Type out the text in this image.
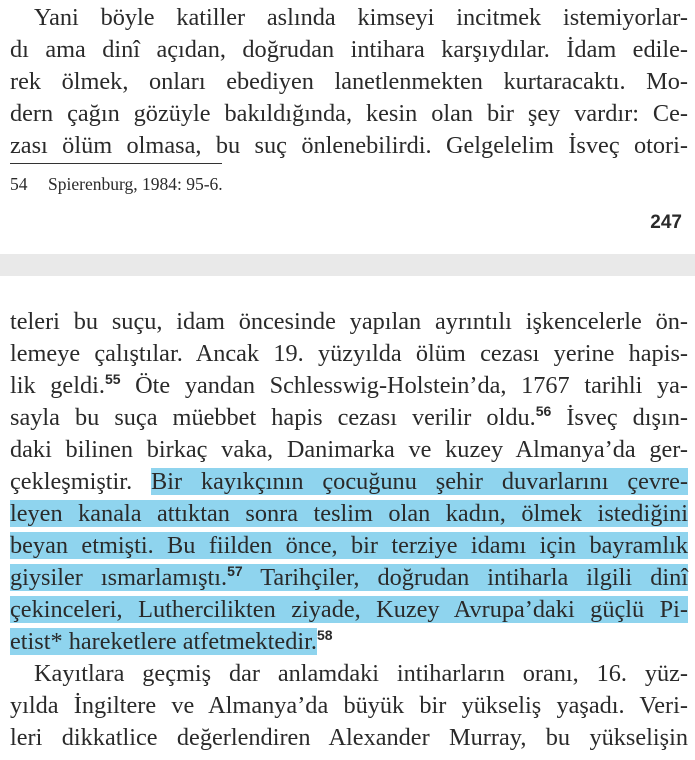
Yani böyle katiller aslında kimseyi incitmek istemiyorlar-
dı ama dinî açıdan, doğrudan intihara karşıydılar. İdam edile-
rek ölmek, onları ebediyen lanetlenmekten kurtaracaktı. Mo-
dern çağın gözüyle bakıldığında, kesin olan bir şey vardır: Ce-
zası ölüm olmasa, bu suç önlenebilirdi. Gelgelelim İsveç otori-
54 Spierenburg, 1984: 95-6.
247
teleri bu suçu, idam öncesinde yapılan ayrıntılı işkencelerle ön-
lemeye çalıştılar. Ancak 19. yüzyılda ölüm cezası yerine hapis-
lik geldi.$^{55}$ Öte yandan Schlesswig-Holstein’da, 1767 tarihli ya-
sayla bu suça müebbet hapis cezası verilir oldu.$^{56}$ İsveç dışın-
daki bilinen birkaç vaka, Danimarka ve kuzey Almanya’da ger-
çekleşmiştir. Bir kayıkçının çocuğunu şehir duvarlarını çevre-
leyen kanala attıktan sonra teslim olan kadın, ölmek istediğini
beyan etmişti. Bu fiilden önce, bir terziye idamı için bayramlık
giysiler ısmarlamıştı.$^{57}$ Tarihçiler, doğrudan intiharla ilgili dinî
çekinceleri, Luthercilikten ziyade, Kuzey Avrupa’daki güçlü Pi-
etist* hareketlere atfetmektedir.$^{58}$
Kayıtlara geçmiş dar anlamdaki intiharların oranı, 16. yüz-
yılda İngiltere ve Almanya’da büyük bir yükseliş yaşadı. Veri-
leri dikkatlice değerlendiren Alexander Murray, bu yükselişin
